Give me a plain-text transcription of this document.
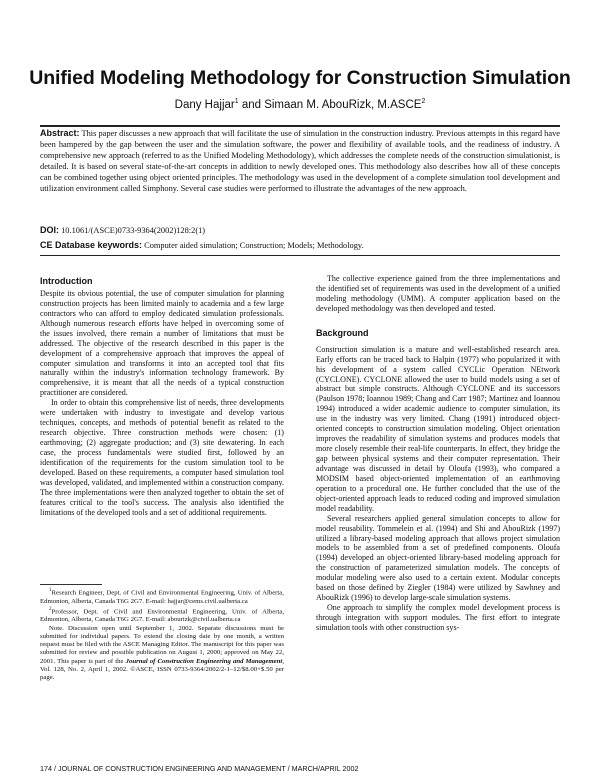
Unified Modeling Methodology for Construction Simulation
Dany Hajjar$^1$ and Simaan M. AbouRizk, M.ASCE$^2$

Abstract: This paper discusses a new approach that will facilitate the use of simulation in the construction industry. Previous attempts in this regard have been hampered by the gap between the user and the simulation software, the power and flexibility of available tools, and the readiness of industry. A comprehensive new approach (referred to as the Unified Modeling Methodology), which addresses the complete needs of the construction simulationist, is detailed. It is based on several state-of-the-art concepts in addition to newly developed ones. This methodology also describes how all of these concepts can be combined together using object oriented principles. The methodology was used in the development of a complete simulation tool development and utilization environment called Simphony. Several case studies were performed to illustrate the advantages of the new approach.

DOI: 10.1061/(ASCE)0733-9364(2002)128:2(1)

CE Database keywords: Computer aided simulation; Construction; Models; Methodology.

Introduction

Despite its obvious potential, the use of computer simulation for planning construction projects has been limited mainly to academia and a few large contractors who can afford to employ dedicated simulation professionals. Although numerous research efforts have helped in overcoming some of the issues involved, there remain a number of limitations that must be addressed. The objective of the research described in this paper is the development of a comprehensive approach that improves the appeal of computer simulation and transforms it into an accepted tool that fits naturally within the industry's information technology framework. By comprehensive, it is meant that all the needs of a typical construction practitioner are considered.

In order to obtain this comprehensive list of needs, three developments were undertaken with industry to investigate and develop various techniques, concepts, and methods of potential benefit as related to the research objective. Three construction methods were chosen: (1) earthmoving; (2) aggregate production; and (3) site dewatering. In each case, the process fundamentals were studied first, followed by an identification of the requirements for the custom simulation tool to be developed. Based on these requirements, a computer based simulation tool was developed, validated, and implemented within a construction company. The three implementations were then analyzed together to obtain the set of features critical to the tool's success. The analysis also identified the limitations of the developed tools and a set of additional requirements.

$^1$Research Engineer, Dept. of Civil and Environmental Engineering, Univ. of Alberta, Edmonton, Alberta, Canada T6G 2G7. E-mail: hajjar@cems.civil.ualberta.ca

$^2$Professor, Dept. of Civil and Environmental Engineering, Univ. of Alberta, Edmonton, Alberta, Canada T6G 2G7. E-mail: abourizk@civil.ualberta.ca

Note. Discussion open until September 1, 2002. Separate discussions must be submitted for individual papers. To extend the closing date by one month, a written request must be filed with the ASCE Managing Editor. The manuscript for this paper was submitted for review and possible publication on August 1, 2000; approved on May 22, 2001. This paper is part of the Journal of Construction Engineering and Management, Vol. 128, No. 2, April 1, 2002. ©ASCE, ISSN 0733-9364/2002/2-1–12/$8.00+$.50 per page.

The collective experience gained from the three implementations and the identified set of requirements was used in the development of a unified modeling methodology (UMM). A computer application based on the developed methodology was then developed and tested.

Background

Construction simulation is a mature and well-established research area. Early efforts can be traced back to Halpin (1977) who popularized it with his development of a system called CYCLic Operation NEtwork (CYCLONE). CYCLONE allowed the user to build models using a set of abstract but simple constructs. Although CYCLONE and its successors (Paulson 1978; Ioannou 1989; Chang and Carr 1987; Martinez and Ioannou 1994) introduced a wider academic audience to computer simulation, its use in the industry was very limited. Chang (1991) introduced object-oriented concepts to construction simulation modeling. Object orientation improves the readability of simulation systems and produces models that more closely resemble their real-life counterparts. In effect, they bridge the gap between physical systems and their computer representation. Their advantage was discussed in detail by Oloufa (1993), who compared a MODSIM based object-oriented implementation of an earthmoving operation to a procedural one. He further concluded that the use of the object-oriented approach leads to reduced coding and improved simulation model readability.

Several researchers applied general simulation concepts to allow for model reusability. Tommelein et al. (1994) and Shi and AbouRizk (1997) utilized a library-based modeling approach that allows project simulation models to be assembled from a set of predefined components. Oloufa (1994) developed an object-oriented library-based modeling approach for the construction of parameterized simulation models. The concepts of modular modeling were also used to a certain extent. Modular concepts based on those defined by Ziegler (1984) were utilized by Sawhney and AbouRizk (1996) to develop large-scale simulation systems.

One approach to simplify the complex model development process is through integration with support modules. The first effort to integrate simulation tools with other construction sys-

174 / JOURNAL OF CONSTRUCTION ENGINEERING AND MANAGEMENT / MARCH/APRIL 2002
